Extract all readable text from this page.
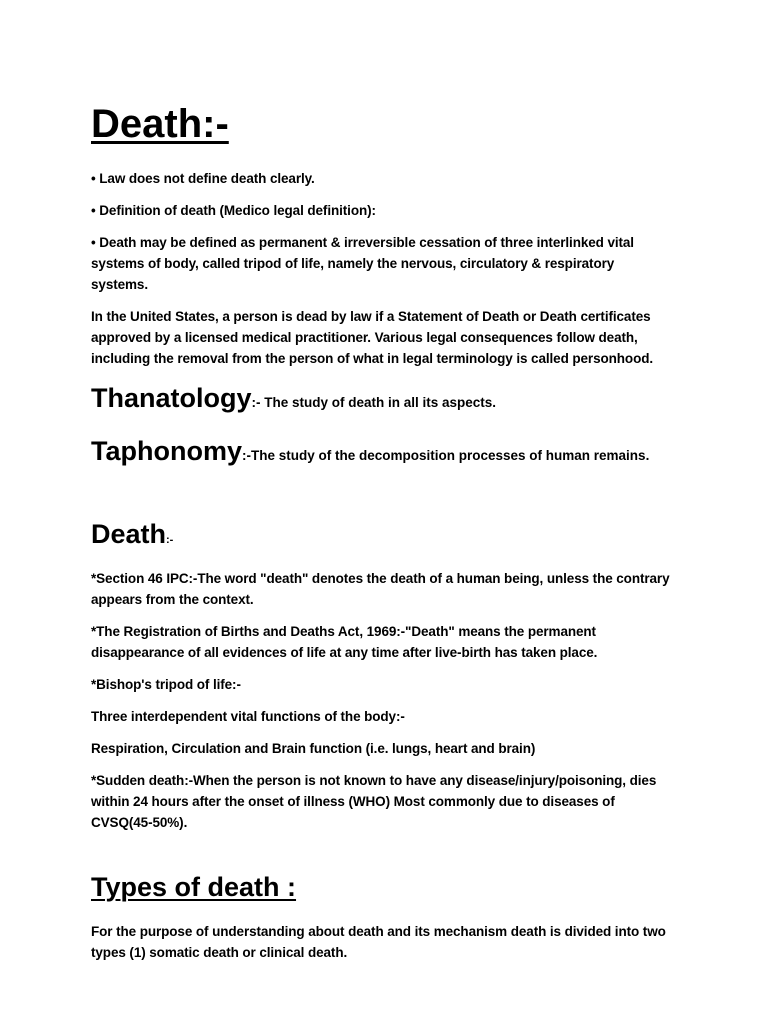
Death:-

• Law does not define death clearly.

• Definition of death (Medico legal definition):

• Death may be defined as permanent & irreversible cessation of three interlinked vital systems of body, called tripod of life, namely the nervous, circulatory & respiratory systems.

In the United States, a person is dead by law if a Statement of Death or Death certificates approved by a licensed medical practitioner. Various legal consequences follow death, including the removal from the person of what in legal terminology is called personhood.

Thanatology:- The study of death in all its aspects.
Taphonomy:-The study of the decomposition processes of human remains.
Death:-

*Section 46 IPC:-The word "death" denotes the death of a human being, unless the contrary appears from the context.

*The Registration of Births and Deaths Act, 1969:-"Death" means the permanent disappearance of all evidences of life at any time after live-birth has taken place.

*Bishop's tripod of life:-

Three interdependent vital functions of the body:-

Respiration, Circulation and Brain function (i.e. lungs, heart and brain)

*Sudden death:-When the person is not known to have any disease/injury/poisoning, dies within 24 hours after the onset of illness (WHO) Most commonly due to diseases of CVSQ(45-50%).

Types of death :

For the purpose of understanding about death and its mechanism death is divided into two types (1) somatic death or clinical death.
